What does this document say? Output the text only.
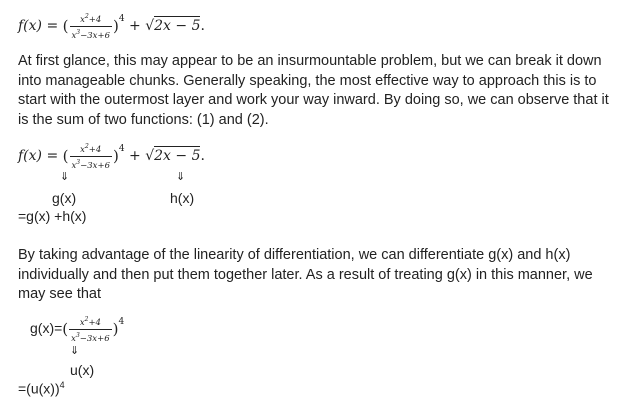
f(x) = ( $\frac{x^2+4}{x^3-3x+6} )^4 + √2x - 5$.
At first glance, this may appear to be an insurmountable problem, but we can break it down into manageable chunks. Generally speaking, the most effective way to approach this is to start with the outermost layer and work your way inward. By doing so, we can observe that it is the sum of two functions: (1) and (2).
f(x) = ( $\frac{x^2+4}{x^3-3x+6} )^4 + √2x - 5$.
⇓	⇓
g(x)	h(x)
=g(x) +h(x)
By taking advantage of the linearity of differentiation, we can differentiate g(x) and h(x) individually and then put them together later. As a result of treating g(x) in this manner, we may see that
$g(x)=( \frac{x^2+4}{x^3-3x+6} )^4$
⇓
u(x)
$=(u(x))^4$
